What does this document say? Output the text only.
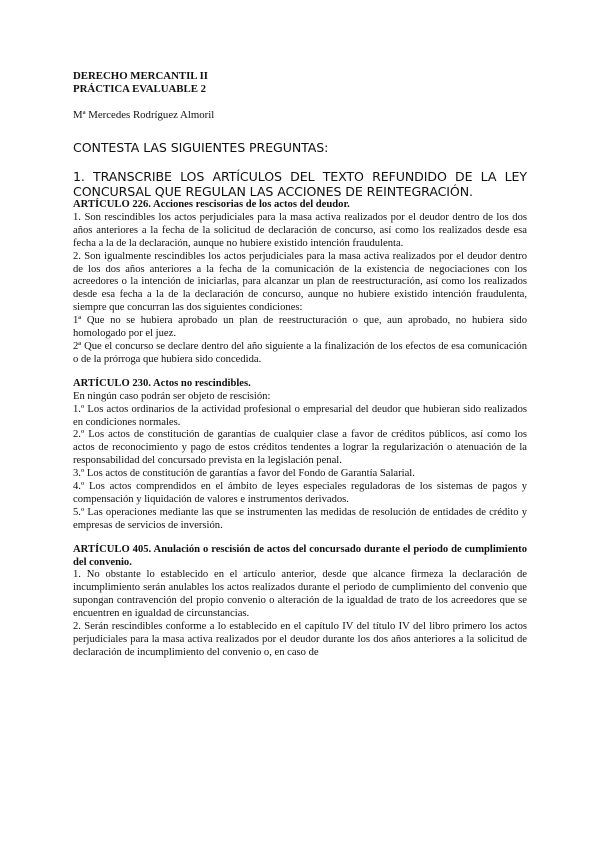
DERECHO MERCANTIL II
PRÁCTICA EVALUABLE 2
Mª Mercedes Rodríguez Almoril
CONTESTA LAS SIGUIENTES PREGUNTAS:
1. TRANSCRIBE LOS ARTÍCULOS DEL TEXTO REFUNDIDO DE LA LEY CONCURSAL QUE REGULAN LAS ACCIONES DE REINTEGRACIÓN.

ARTÍCULO 226. Acciones rescisorias de los actos del deudor.

1. Son rescindibles los actos perjudiciales para la masa activa realizados por el deudor dentro de los dos años anteriores a la fecha de la solicitud de declaración de concurso, así como los realizados desde esa fecha a la de la declaración, aunque no hubiere existido intención fraudulenta.

2. Son igualmente rescindibles los actos perjudiciales para la masa activa realizados por el deudor dentro de los dos años anteriores a la fecha de la comunicación de la existencia de negociaciones con los acreedores o la intención de iniciarlas, para alcanzar un plan de reestructuración, así como los realizados desde esa fecha a la de la declaración de concurso, aunque no hubiere existido intención fraudulenta, siempre que concurran las dos siguientes condiciones:

1ª Que no se hubiera aprobado un plan de reestructuración o que, aun aprobado, no hubiera sido homologado por el juez.

2ª Que el concurso se declare dentro del año siguiente a la finalización de los efectos de esa comunicación o de la prórroga que hubiera sido concedida.

ARTÍCULO 230. Actos no rescindibles.

En ningún caso podrán ser objeto de rescisión:

1.º Los actos ordinarios de la actividad profesional o empresarial del deudor que hubieran sido realizados en condiciones normales.

2.º Los actos de constitución de garantías de cualquier clase a favor de créditos públicos, así como los actos de reconocimiento y pago de estos créditos tendentes a lograr la regularización o atenuación de la responsabilidad del concursado prevista en la legislación penal.

3.º Los actos de constitución de garantías a favor del Fondo de Garantía Salarial.

4.º Los actos comprendidos en el ámbito de leyes especiales reguladoras de los sistemas de pagos y compensación y liquidación de valores e instrumentos derivados.

5.º Las operaciones mediante las que se instrumenten las medidas de resolución de entidades de crédito y empresas de servicios de inversión.

ARTÍCULO 405. Anulación o rescisión de actos del concursado durante el periodo de cumplimiento del convenio.

1. No obstante lo establecido en el artículo anterior, desde que alcance firmeza la declaración de incumplimiento serán anulables los actos realizados durante el periodo de cumplimiento del convenio que supongan contravención del propio convenio o alteración de la igualdad de trato de los acreedores que se encuentren en igualdad de circunstancias.

2. Serán rescindibles conforme a lo establecido en el capítulo IV del título IV del libro primero los actos perjudiciales para la masa activa realizados por el deudor durante los dos años anteriores a la solicitud de declaración de incumplimiento del convenio o, en caso de
